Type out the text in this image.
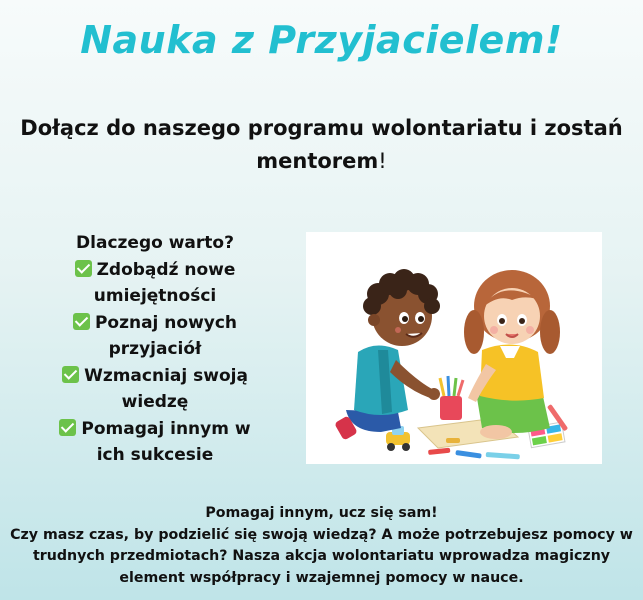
Nauka z Przyjacielem!
Dołącz do naszego programu wolontariatu i zostań
mentorem!
Dlaczego warto?
Zdobądź nowe
umiejętności
Poznaj nowych
przyjaciół
Wzmacniaj swoją
wiedzę
Pomagaj innym w
ich sukcesie
Pomagaj innym, ucz się sam!
Czy masz czas, by podzielić się swoją wiedzą? A może potrzebujesz pomocy w
trudnych przedmiotach? Nasza akcja wolontariatu wprowadza magiczny
element współpracy i wzajemnej pomocy w nauce.
